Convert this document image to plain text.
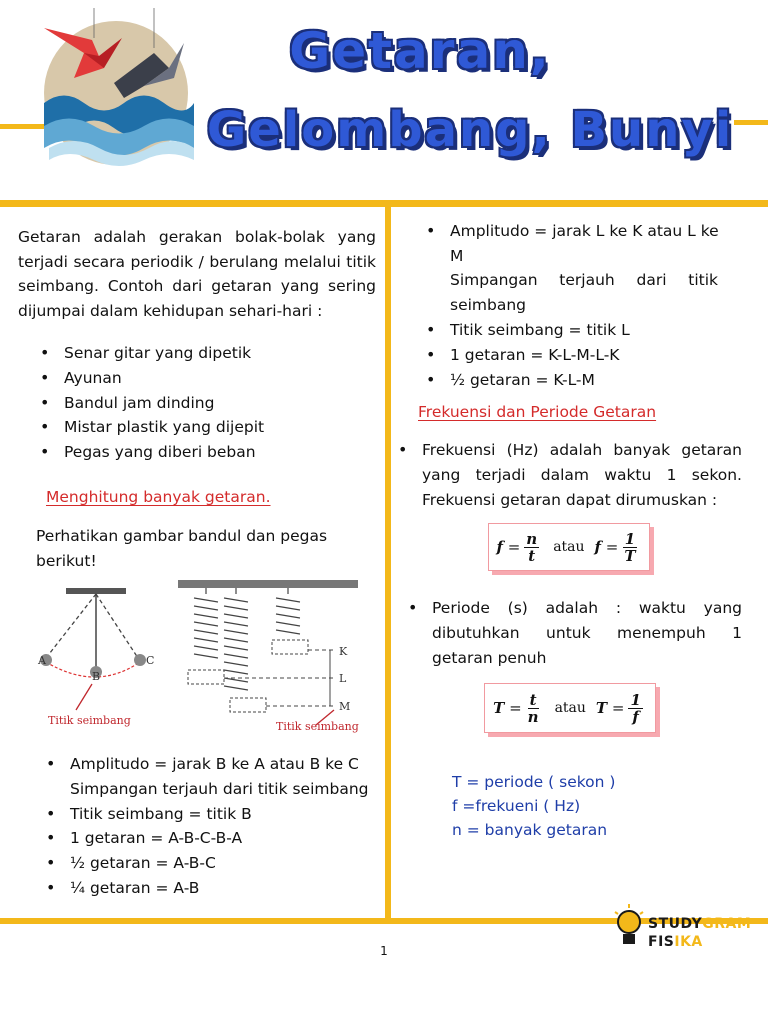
Getaran,
Gelombang, Bunyi
Getaran adalah gerakan bolak-bolak yang terjadi secara periodik / berulang melalui titik seimbang. Contoh dari getaran yang sering dijumpai dalam kehidupan sehari-hari :
• Senar gitar yang dipetik
• Ayunan
• Bandul jam dinding
• Mistar plastik yang dijepit
• Pegas yang diberi beban
Menghitung banyak getaran.
Perhatikan gambar bandul dan pegas berikut!
A
B
C
Titik seimbang
K
L
M
Titik seimbang
• Amplitudo = jarak B ke A atau B ke C Simpangan terjauh dari titik seimbang
• Titik seimbang = titik B
• 1 getaran = A-B-C-B-A
• ½ getaran = A-B-C
• ¼ getaran = A-B
• Amplitudo = jarak L ke K atau L ke M
Simpangan terjauh dari titik seimbang
• Titik seimbang = titik L
• 1 getaran = K-L-M-L-K
• ½ getaran = K-L-M
Frekuensi dan Periode Getaran
• Frekuensi (Hz) adalah banyak getaran yang terjadi dalam waktu 1 sekon. Frekuensi getaran dapat dirumuskan :
f
= $\frac{n}{t}$ atau f
= $\frac{1}{T}$
• Periode (s) adalah : waktu yang dibutuhkan untuk menempuh 1 getaran penuh
T
= $\frac{t}{n}$ atau T
= $\frac{1}{f}$
T = periode ( sekon )
f =frekueni ( Hz)
n = banyak getaran
1
STUDYGRAM
FISIKA
